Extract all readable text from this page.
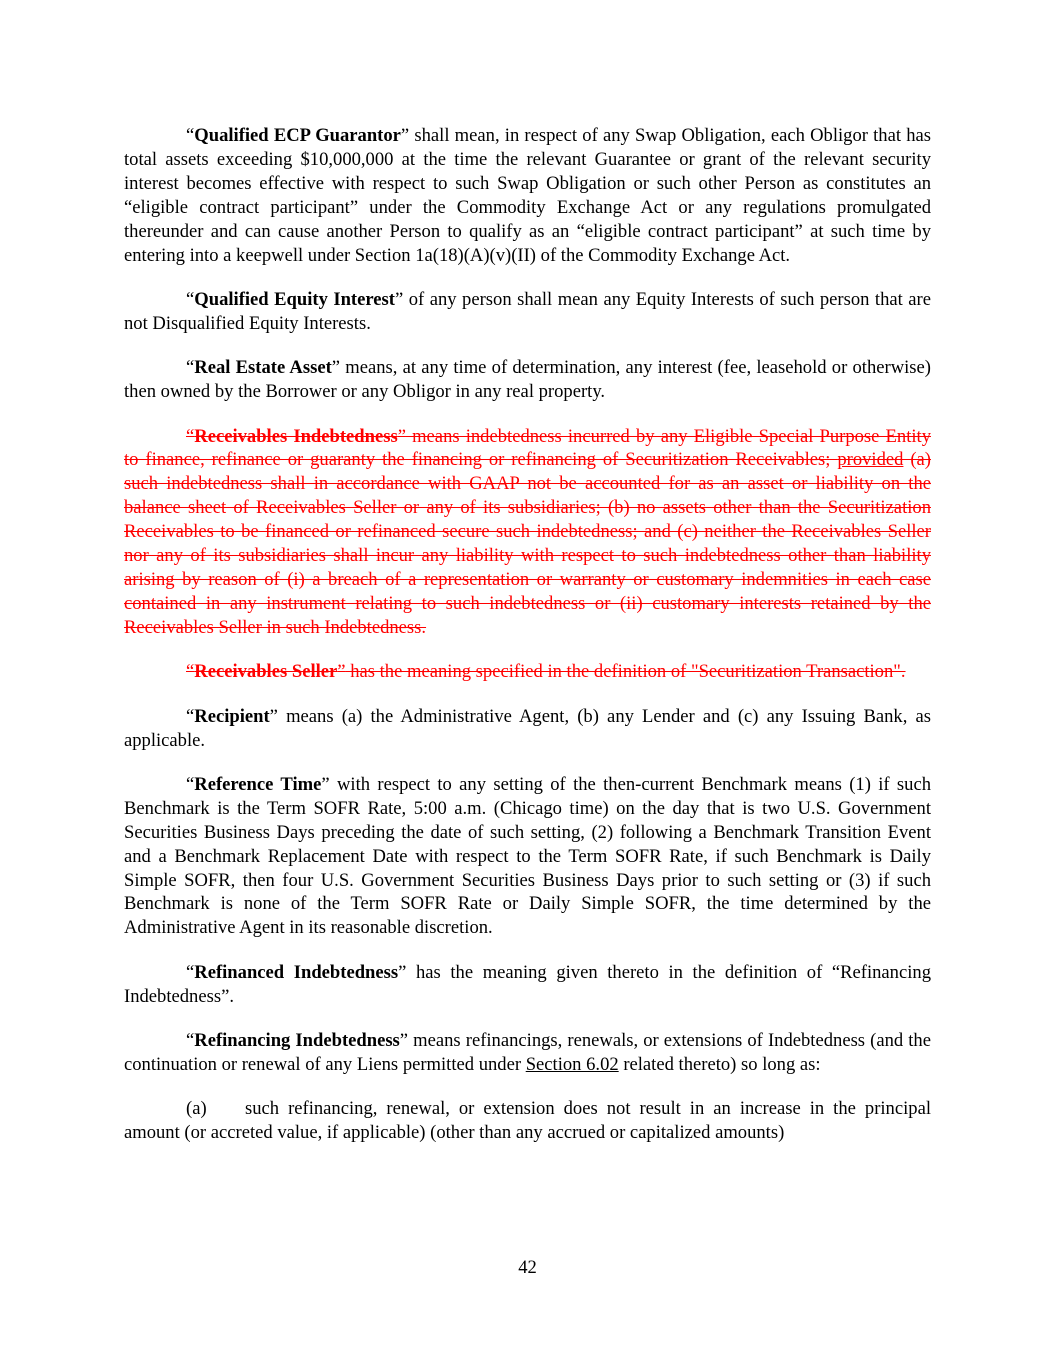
“Qualified ECP Guarantor” shall mean, in respect of any Swap Obligation, each Obligor that has total assets exceeding $10,000,000 at the time the relevant Guarantee or grant of the relevant security interest becomes effective with respect to such Swap Obligation or such other Person as constitutes an “eligible contract participant” under the Commodity Exchange Act or any regulations promulgated thereunder and can cause another Person to qualify as an “eligible contract participant” at such time by entering into a keepwell under Section 1a(18)(A)(v)(II) of the Commodity Exchange Act.

“Qualified Equity Interest” of any person shall mean any Equity Interests of such person that are not Disqualified Equity Interests.

“Real Estate Asset” means, at any time of determination, any interest (fee, leasehold or otherwise) then owned by the Borrower or any Obligor in any real property.

“Receivables Indebtedness” means indebtedness incurred by any Eligible Special Purpose Entity to finance, refinance or guaranty the financing or refinancing of Securitization Receivables; provided (a) such indebtedness shall in accordance with GAAP not be accounted for as an asset or liability on the balance sheet of Receivables Seller or any of its subsidiaries; (b) no assets other than the Securitization Receivables to be financed or refinanced secure such indebtedness; and (c) neither the Receivables Seller nor any of its subsidiaries shall incur any liability with respect to such indebtedness other than liability arising by reason of (i) a breach of a representation or warranty or customary indemnities in each case contained in any instrument relating to such indebtedness or (ii) customary interests retained by the Receivables Seller in such Indebtedness.

“Receivables Seller” has the meaning specified in the definition of "Securitization Transaction".

“Recipient” means (a) the Administrative Agent, (b) any Lender and (c) any Issuing Bank, as applicable.

“Reference Time” with respect to any setting of the then-current Benchmark means (1) if such Benchmark is the Term SOFR Rate, 5:00 a.m. (Chicago time) on the day that is two U.S. Government Securities Business Days preceding the date of such setting, (2) following a Benchmark Transition Event and a Benchmark Replacement Date with respect to the Term SOFR Rate, if such Benchmark is Daily Simple SOFR, then four U.S. Government Securities Business Days prior to such setting or (3) if such Benchmark is none of the Term SOFR Rate or Daily Simple SOFR, the time determined by the Administrative Agent in its reasonable discretion.

“Refinanced Indebtedness” has the meaning given thereto in the definition of “Refinancing Indebtedness”.

“Refinancing Indebtedness” means refinancings, renewals, or extensions of Indebtedness (and the continuation or renewal of any Liens permitted under Section 6.02 related thereto) so long as:

(a) such refinancing, renewal, or extension does not result in an increase in the principal amount (or accreted value, if applicable) (other than any accrued or capitalized amounts)

42
